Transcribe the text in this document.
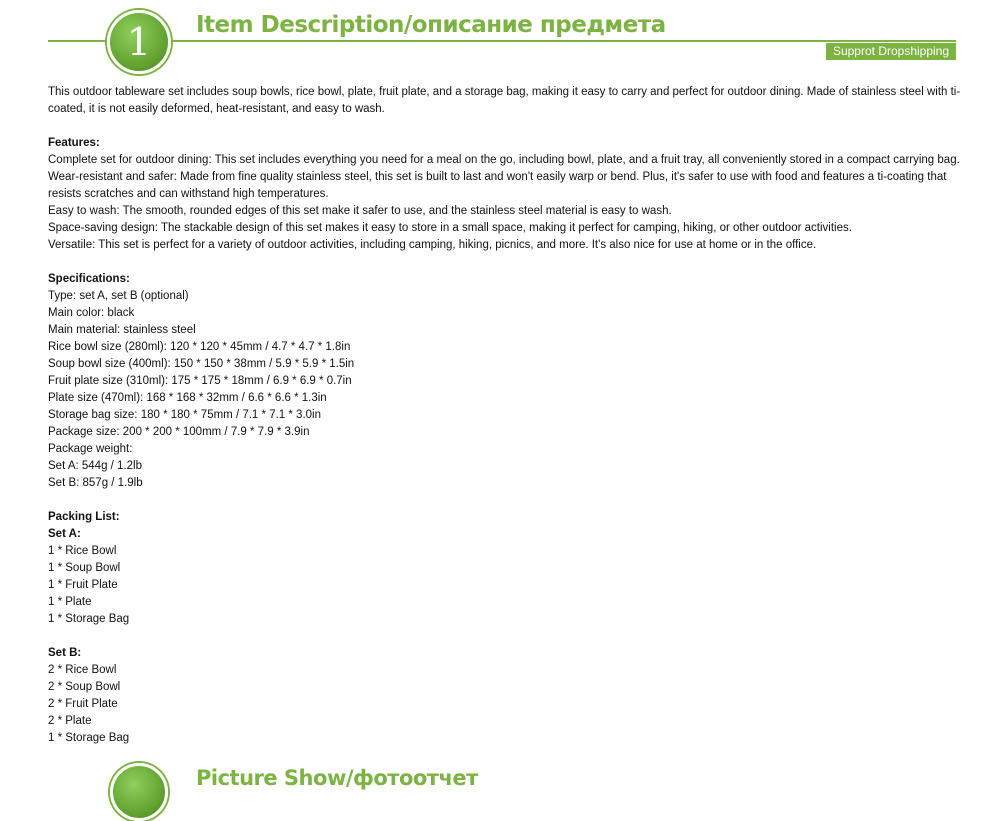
1	Item Description/описание предмета
Supprot Dropshipping

This outdoor tableware set includes soup bowls, rice bowl, plate, fruit plate, and a storage bag, making it easy to carry and perfect for outdoor dining. Made of stainless steel with ti-coated, it is not easily deformed, heat-resistant, and easy to wash.

Features:

Complete set for outdoor dining: This set includes everything you need for a meal on the go, including bowl, plate, and a fruit tray, all conveniently stored in a compact carrying bag.

Wear-resistant and safer: Made from fine quality stainless steel, this set is built to last and won't easily warp or bend. Plus, it's safer to use with food and features a ti-coating that resists scratches and can withstand high temperatures.

Easy to wash: The smooth, rounded edges of this set make it safer to use, and the stainless steel material is easy to wash.

Space-saving design: The stackable design of this set makes it easy to store in a small space, making it perfect for camping, hiking, or other outdoor activities.

Versatile: This set is perfect for a variety of outdoor activities, including camping, hiking, picnics, and more. It's also nice for use at home or in the office.

Specifications:

Type: set A, set B (optional)

Main color: black

Main material: stainless steel

Rice bowl size (280ml): 120 * 120 * 45mm / 4.7 * 4.7 * 1.8in

Soup bowl size (400ml): 150 * 150 * 38mm / 5.9 * 5.9 * 1.5in

Fruit plate size (310ml): 175 * 175 * 18mm / 6.9 * 6.9 * 0.7in

Plate size (470ml): 168 * 168 * 32mm / 6.6 * 6.6 * 1.3in

Storage bag size: 180 * 180 * 75mm / 7.1 * 7.1 * 3.0in

Package size: 200 * 200 * 100mm / 7.9 * 7.9 * 3.9in

Package weight:

Set A: 544g / 1.2lb

Set B: 857g / 1.9lb

Packing List:

Set A:

1 * Rice Bowl

1 * Soup Bowl

1 * Fruit Plate

1 * Plate

1 * Storage Bag

Set B:

2 * Rice Bowl

2 * Soup Bowl

2 * Fruit Plate

2 * Plate

1 * Storage Bag

Picture Show/фотоотчет
